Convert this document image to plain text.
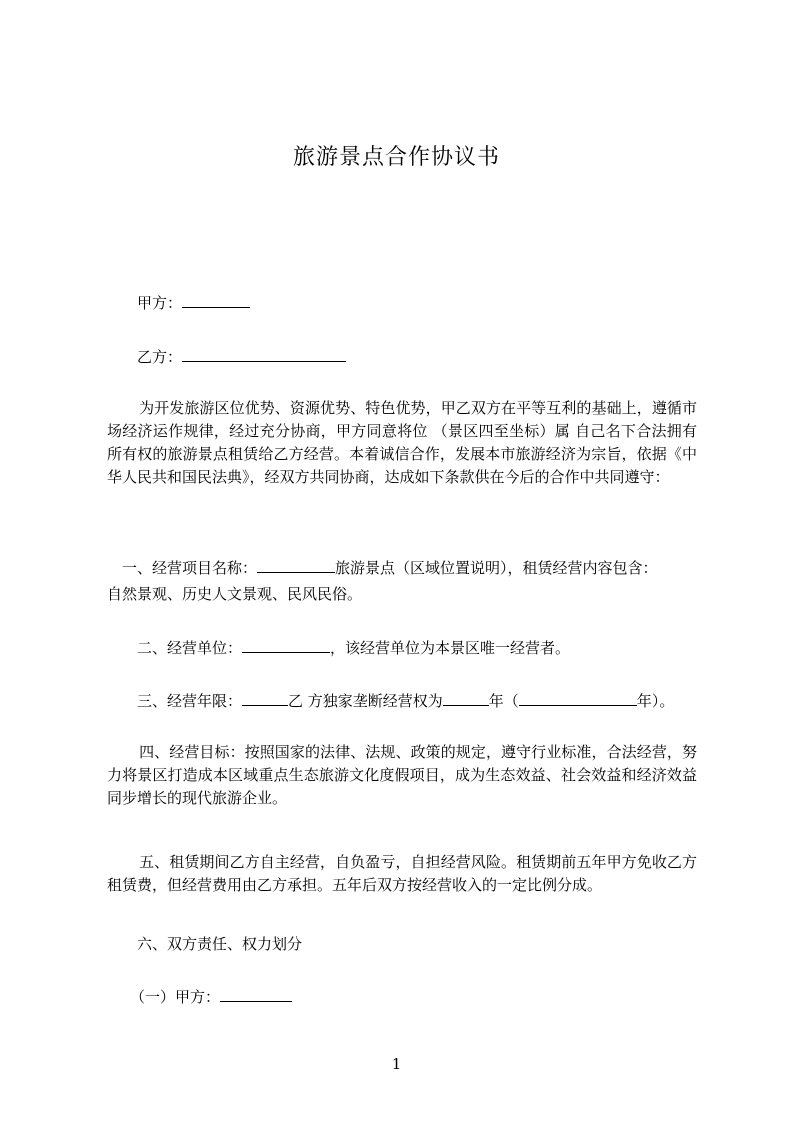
旅游景点合作协议书
甲方：
乙方：
为开发旅游区位优势、资源优势、特色优势，甲乙双方在平等互利的基础上，遵循市场经济运作规律，经过充分协商，甲方同意将位 （景区四至坐标）属 自己名下合法拥有所有权的旅游景点租赁给乙方经营。本着诚信合作，发展本市旅游经济为宗旨，依据《中华人民共和国民法典》，经双方共同协商，达成如下条款供在今后的合作中共同遵守：
一、经营项目名称：	旅游景点（区域位置说明），租赁经营内容包含：
自然景观、历史人文景观、民风民俗。
二、经营单位：	，该经营单位为本景区唯一经营者。
三、经营年限：	乙 方独家垄断经营权为	年（	年）。
四、经营目标：按照国家的法律、法规、政策的规定，遵守行业标准，合法经营，努力将景区打造成本区域重点生态旅游文化度假项目，成为生态效益、社会效益和经济效益同步增长的现代旅游企业。
五、租赁期间乙方自主经营，自负盈亏，自担经营风险。租赁期前五年甲方免收乙方租赁费，但经营费用由乙方承担。五年后双方按经营收入的一定比例分成。
六、双方责任、权力划分
（一）甲方：
1
